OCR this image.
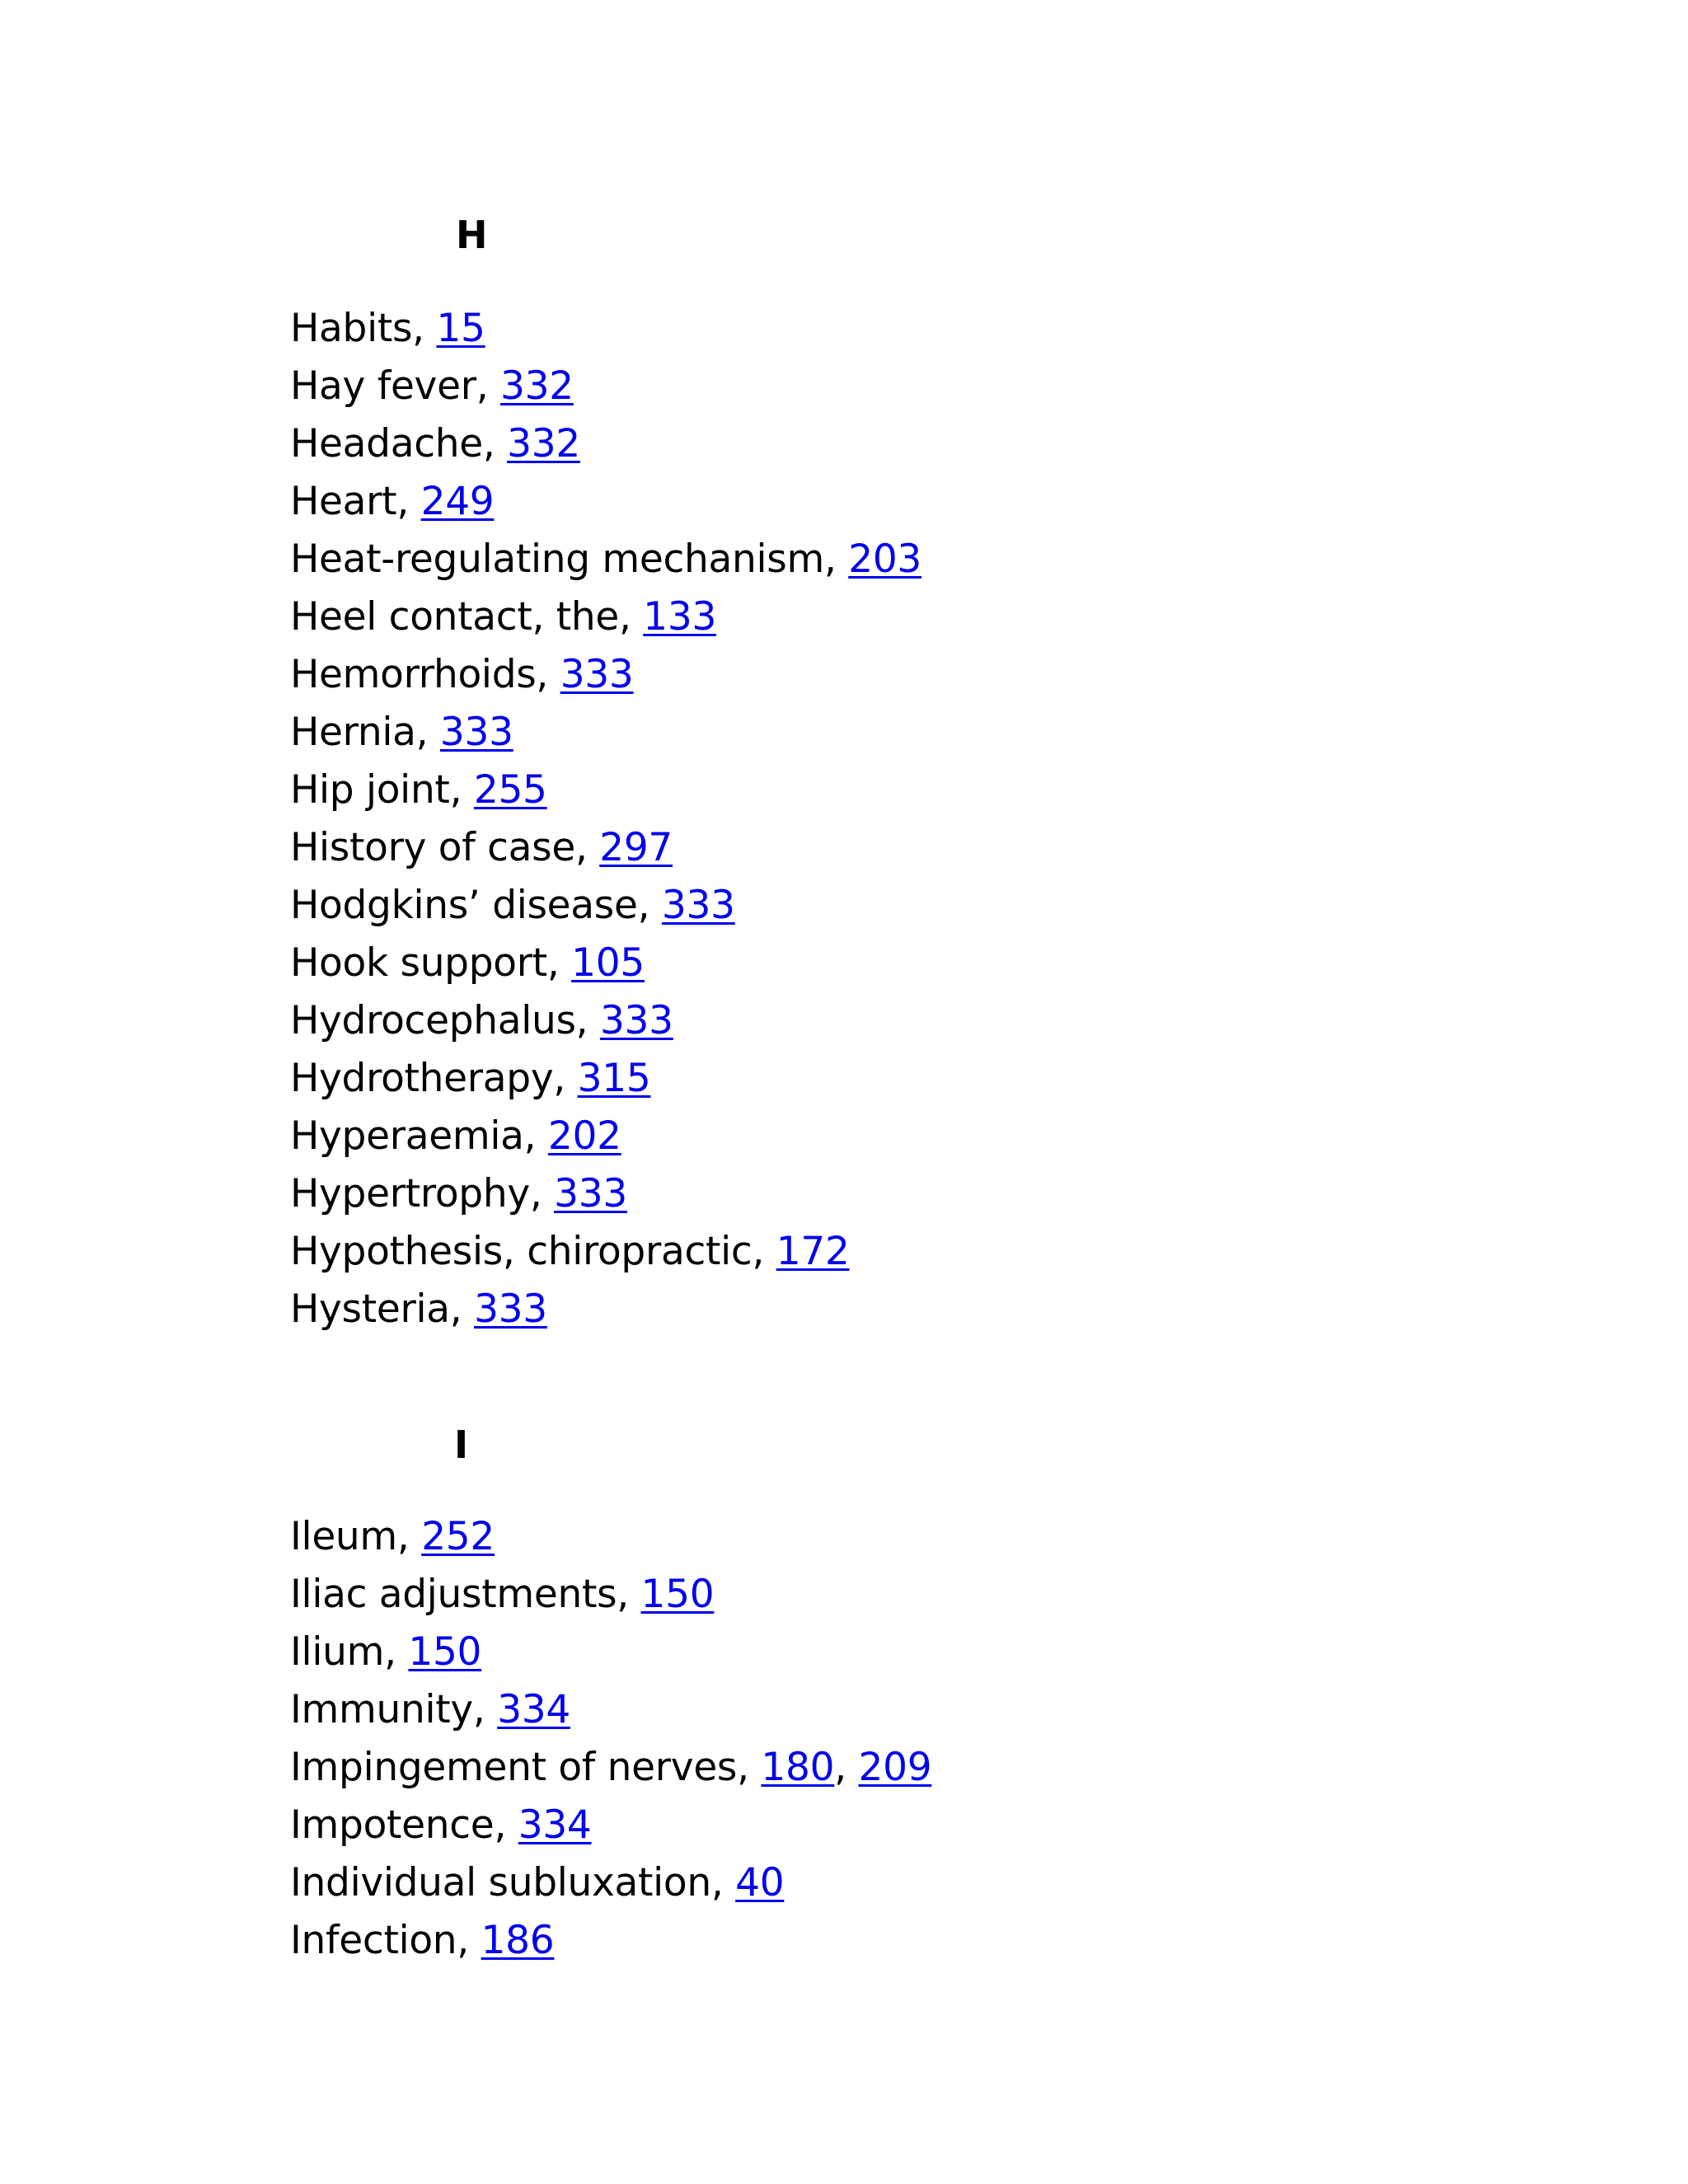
H
Habits, 15
Hay fever, 332
Headache, 332
Heart, 249
Heat-regulating mechanism, 203
Heel contact, the, 133
Hemorrhoids, 333
Hernia, 333
Hip joint, 255
History of case, 297
Hodgkins’ disease, 333
Hook support, 105
Hydrocephalus, 333
Hydrotherapy, 315
Hyperaemia, 202
Hypertrophy, 333
Hypothesis, chiropractic, 172
Hysteria, 333
I
Ileum, 252
Iliac adjustments, 150
Ilium, 150
Immunity, 334
Impingement of nerves, 180, 209
Impotence, 334
Individual subluxation, 40
Infection, 186
